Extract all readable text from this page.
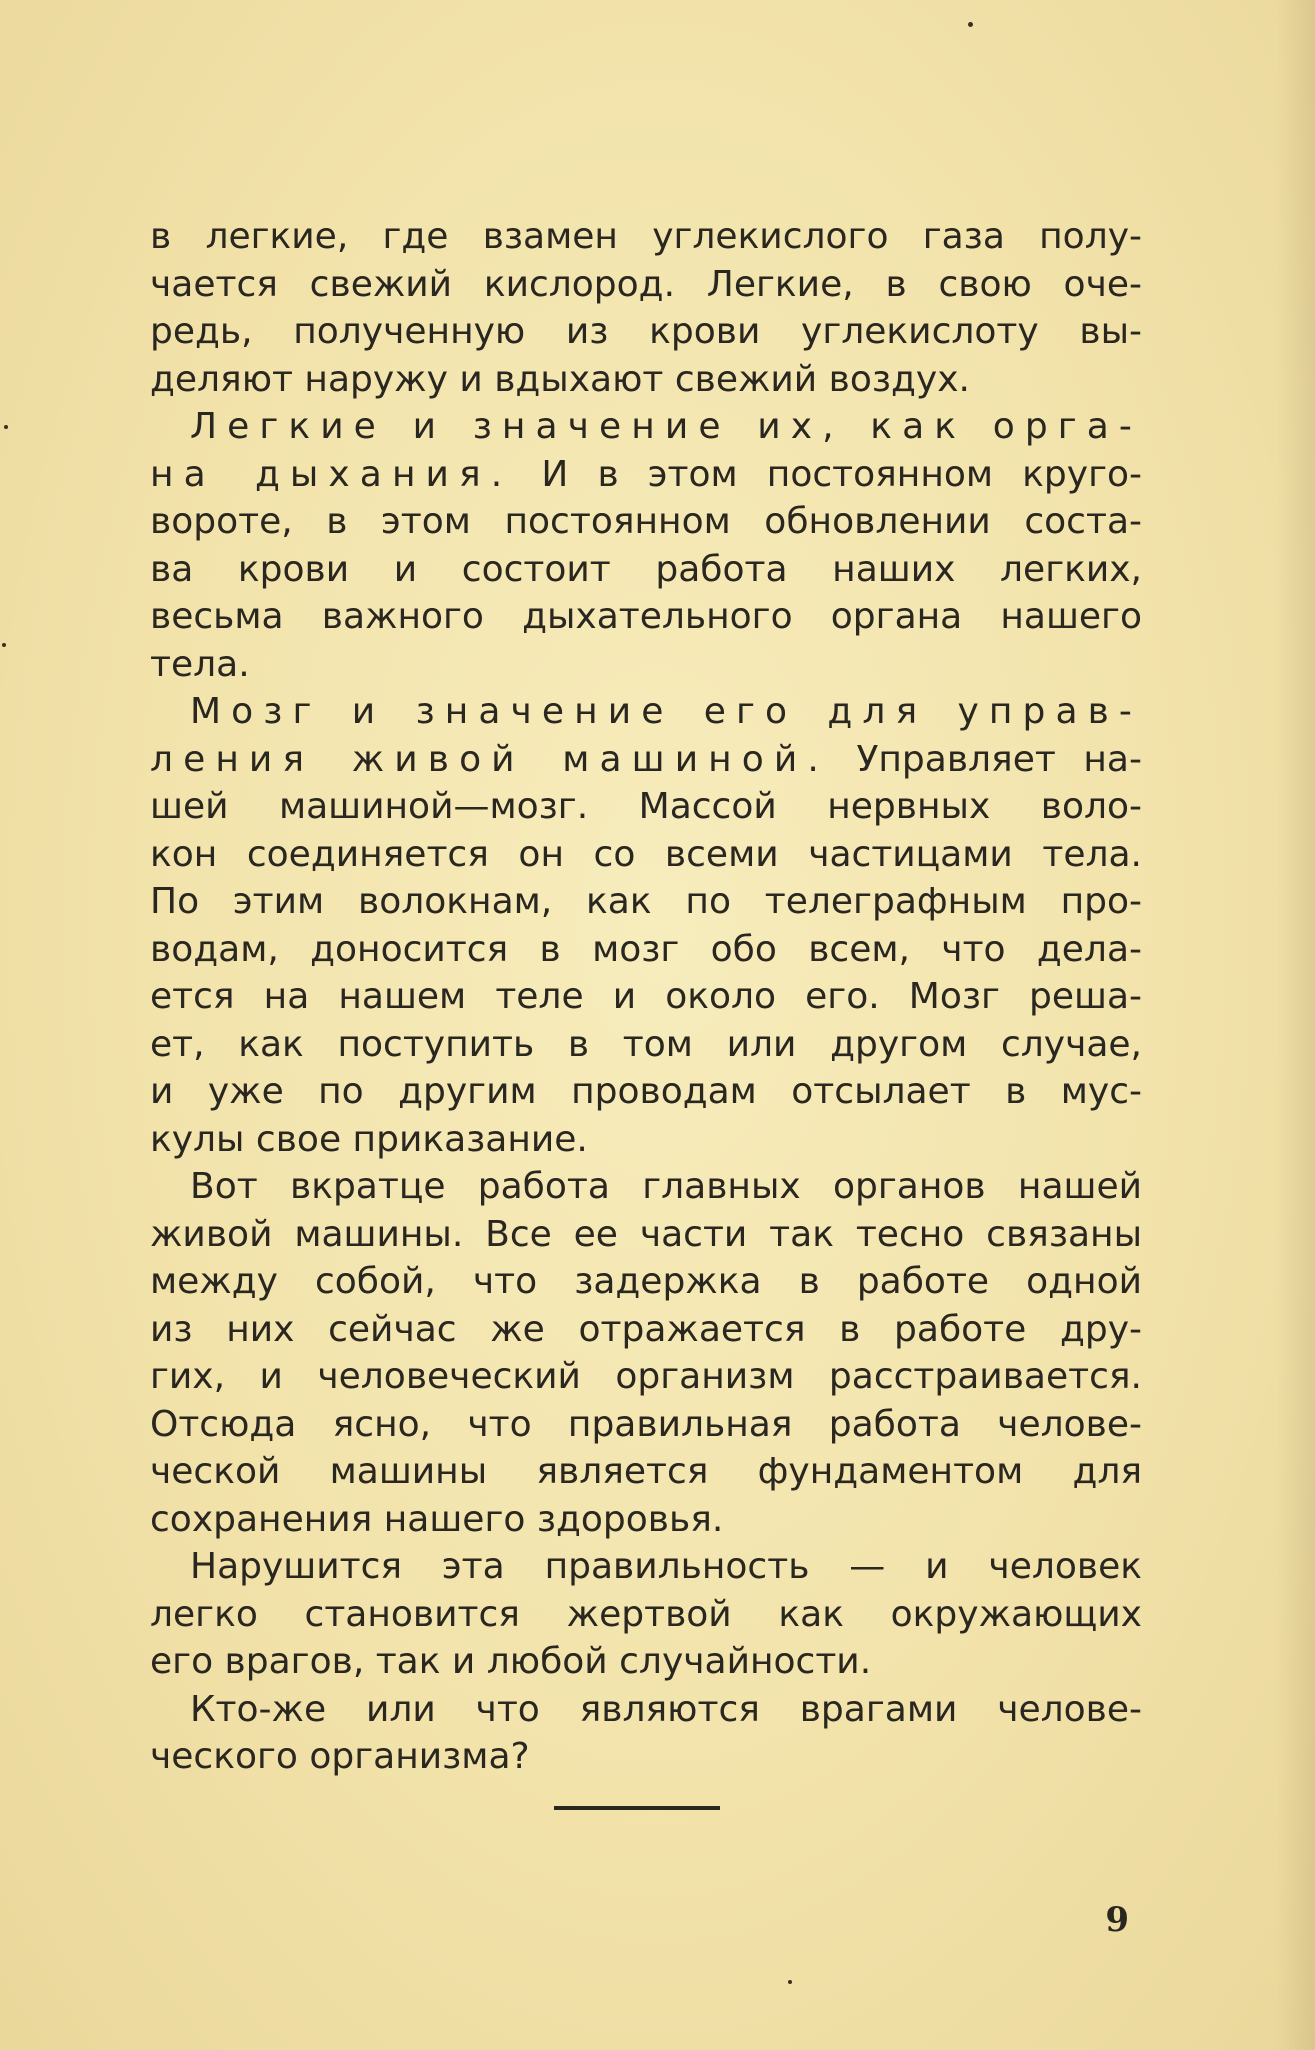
в легкие, где взамен углекислого газа полу-
чается свежий кислород. Легкие, в свою оче-
редь, полученную из крови углекислоту вы-
деляют наружу и вдыхают свежий воздух.
Легкие и значение их, как орга-
на дыхания. И в этом постоянном круго-
вороте, в этом постоянном обновлении соста-
ва крови и состоит работа наших легких,
весьма важного дыхательного органа нашего
тела.
Мозг и значение его для управ-
ления живой машиной. Управляет на-
шей машиной—мозг. Массой нервных воло-
кон соединяется он со всеми частицами тела.
По этим волокнам, как по телеграфным про-
водам, доносится в мозг обо всем, что дела-
ется на нашем теле и около его. Мозг реша-
ет, как поступить в том или другом случае,
и уже по другим проводам отсылает в мус-
кулы свое приказание.
Вот вкратце работа главных органов нашей
живой машины. Все ее части так тесно связаны
между собой, что задержка в работе одной
из них сейчас же отражается в работе дру-
гих, и человеческий организм расстраивается.
Отсюда ясно, что правильная работа челове-
ческой машины является фундаментом для
сохранения нашего здоровья.
Нарушится эта правильность — и человек
легко становится жертвой как окружающих
его врагов, так и любой случайности.
Кто-же или что являются врагами челове-
ческого организма?
9
